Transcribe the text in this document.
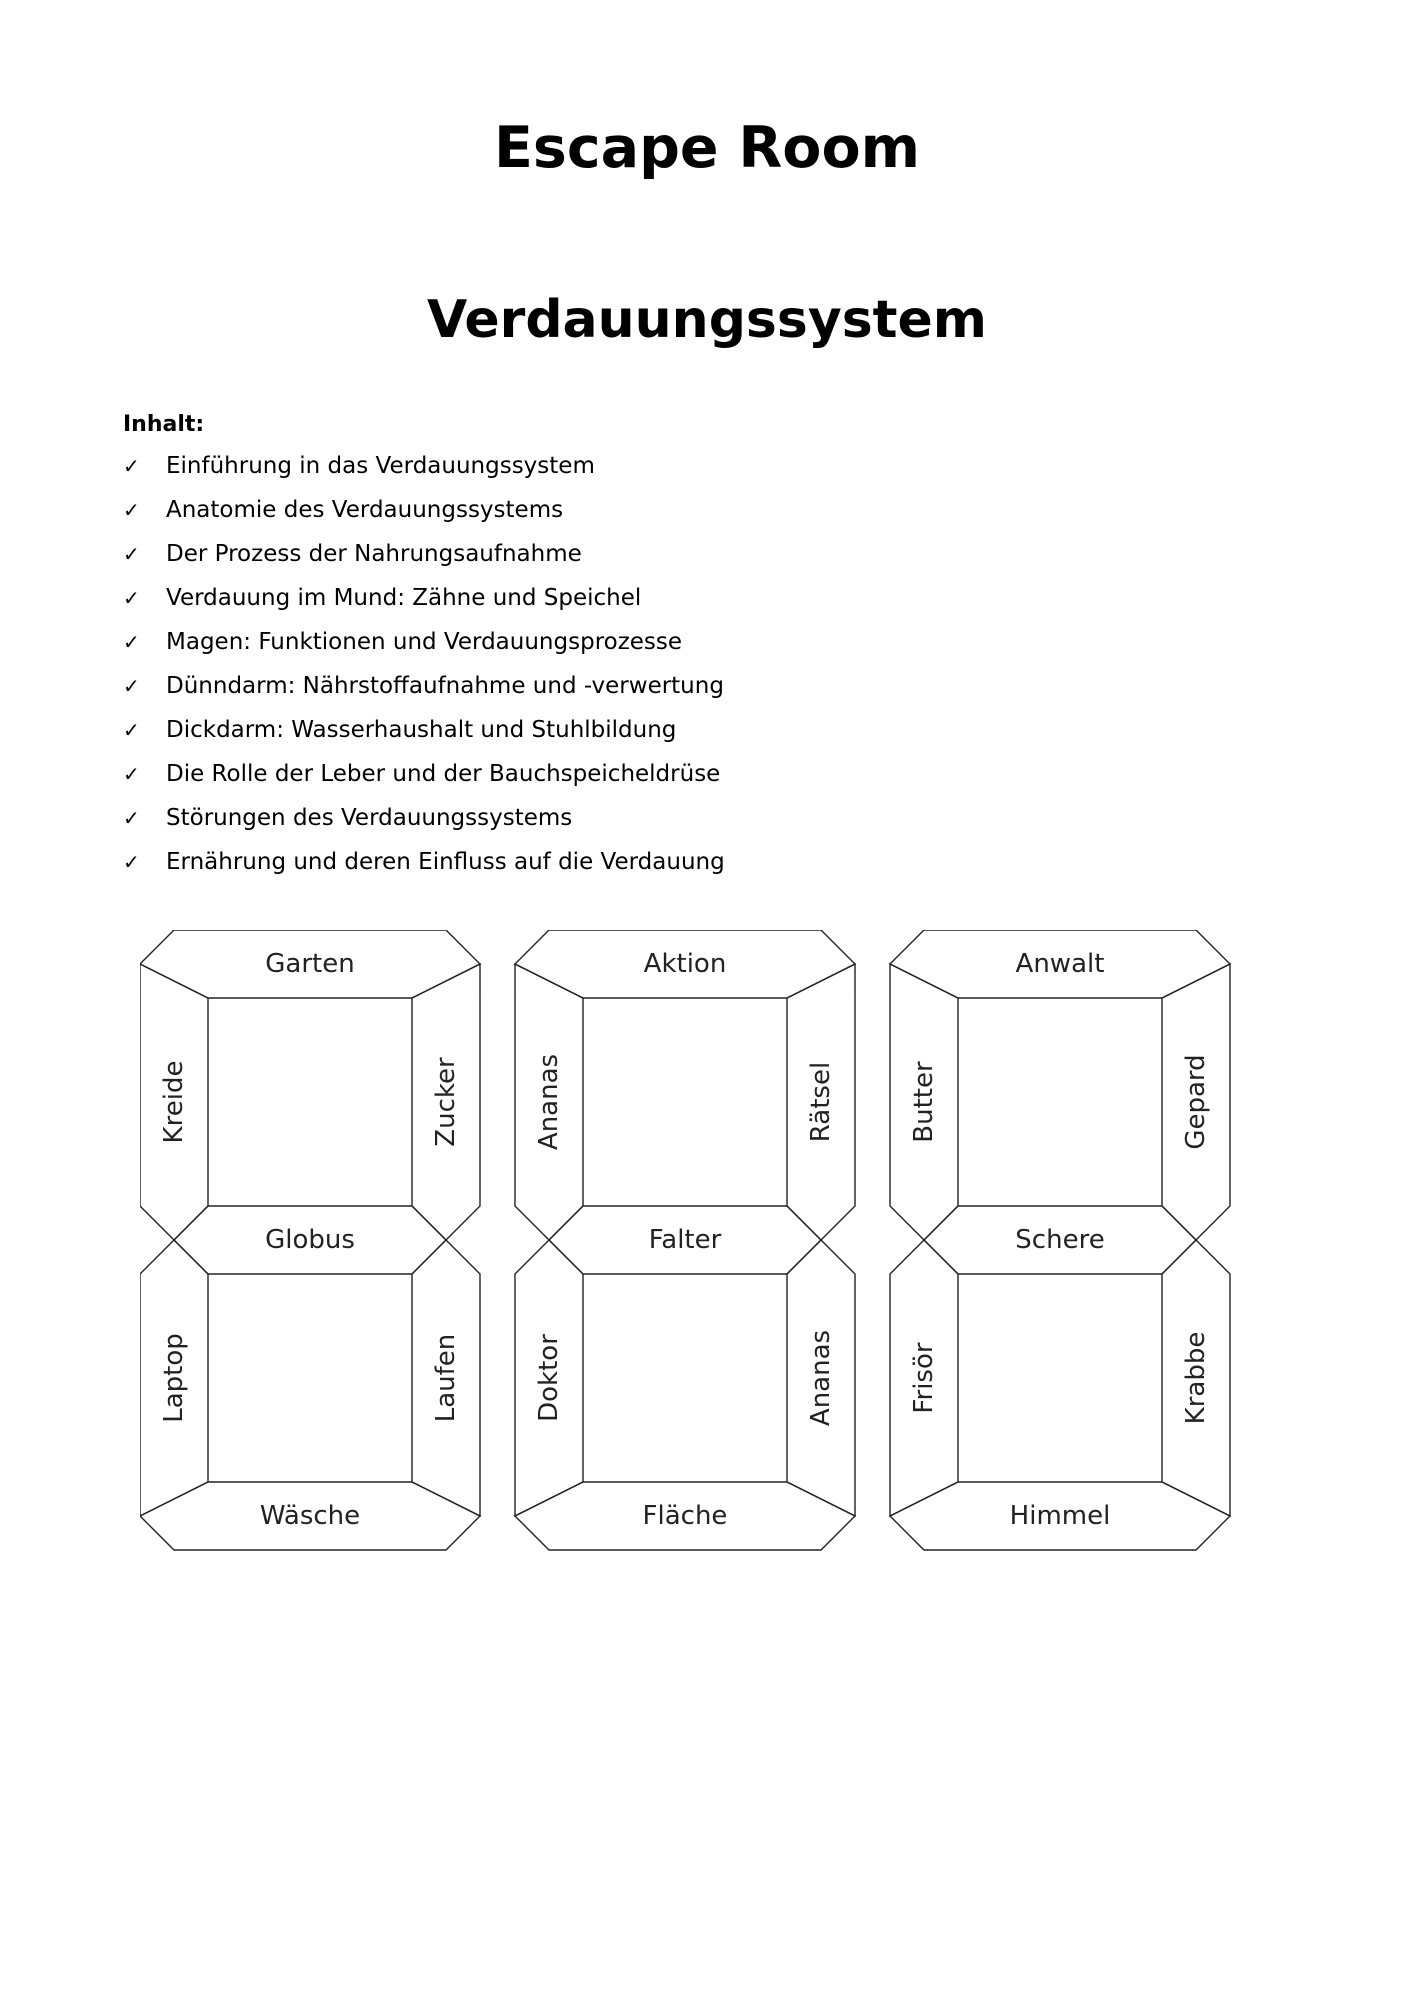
Escape Room
Verdauungssystem

Inhalt:

✓ Einführung in das Verdauungssystem
✓ Anatomie des Verdauungssystems
✓ Der Prozess der Nahrungsaufnahme
✓ Verdauung im Mund: Zähne und Speichel
✓ Magen: Funktionen und Verdauungsprozesse
✓ Dünndarm: Nährstoffaufnahme und -verwertung
✓ Dickdarm: Wasserhaushalt und Stuhlbildung
✓ Die Rolle der Leber und der Bauchspeicheldrüse
✓ Störungen des Verdauungssystems
✓ Ernährung und deren Einfluss auf die Verdauung
Garten
Kreide	Zucker
Globus
Laptop	Laufen
Wäsche
Aktion
Ananas	Rätsel
Falter
Doktor	Ananas
Fläche
Anwalt
Butter	Gepard
Schere
Frisör	Krabbe
Himmel
